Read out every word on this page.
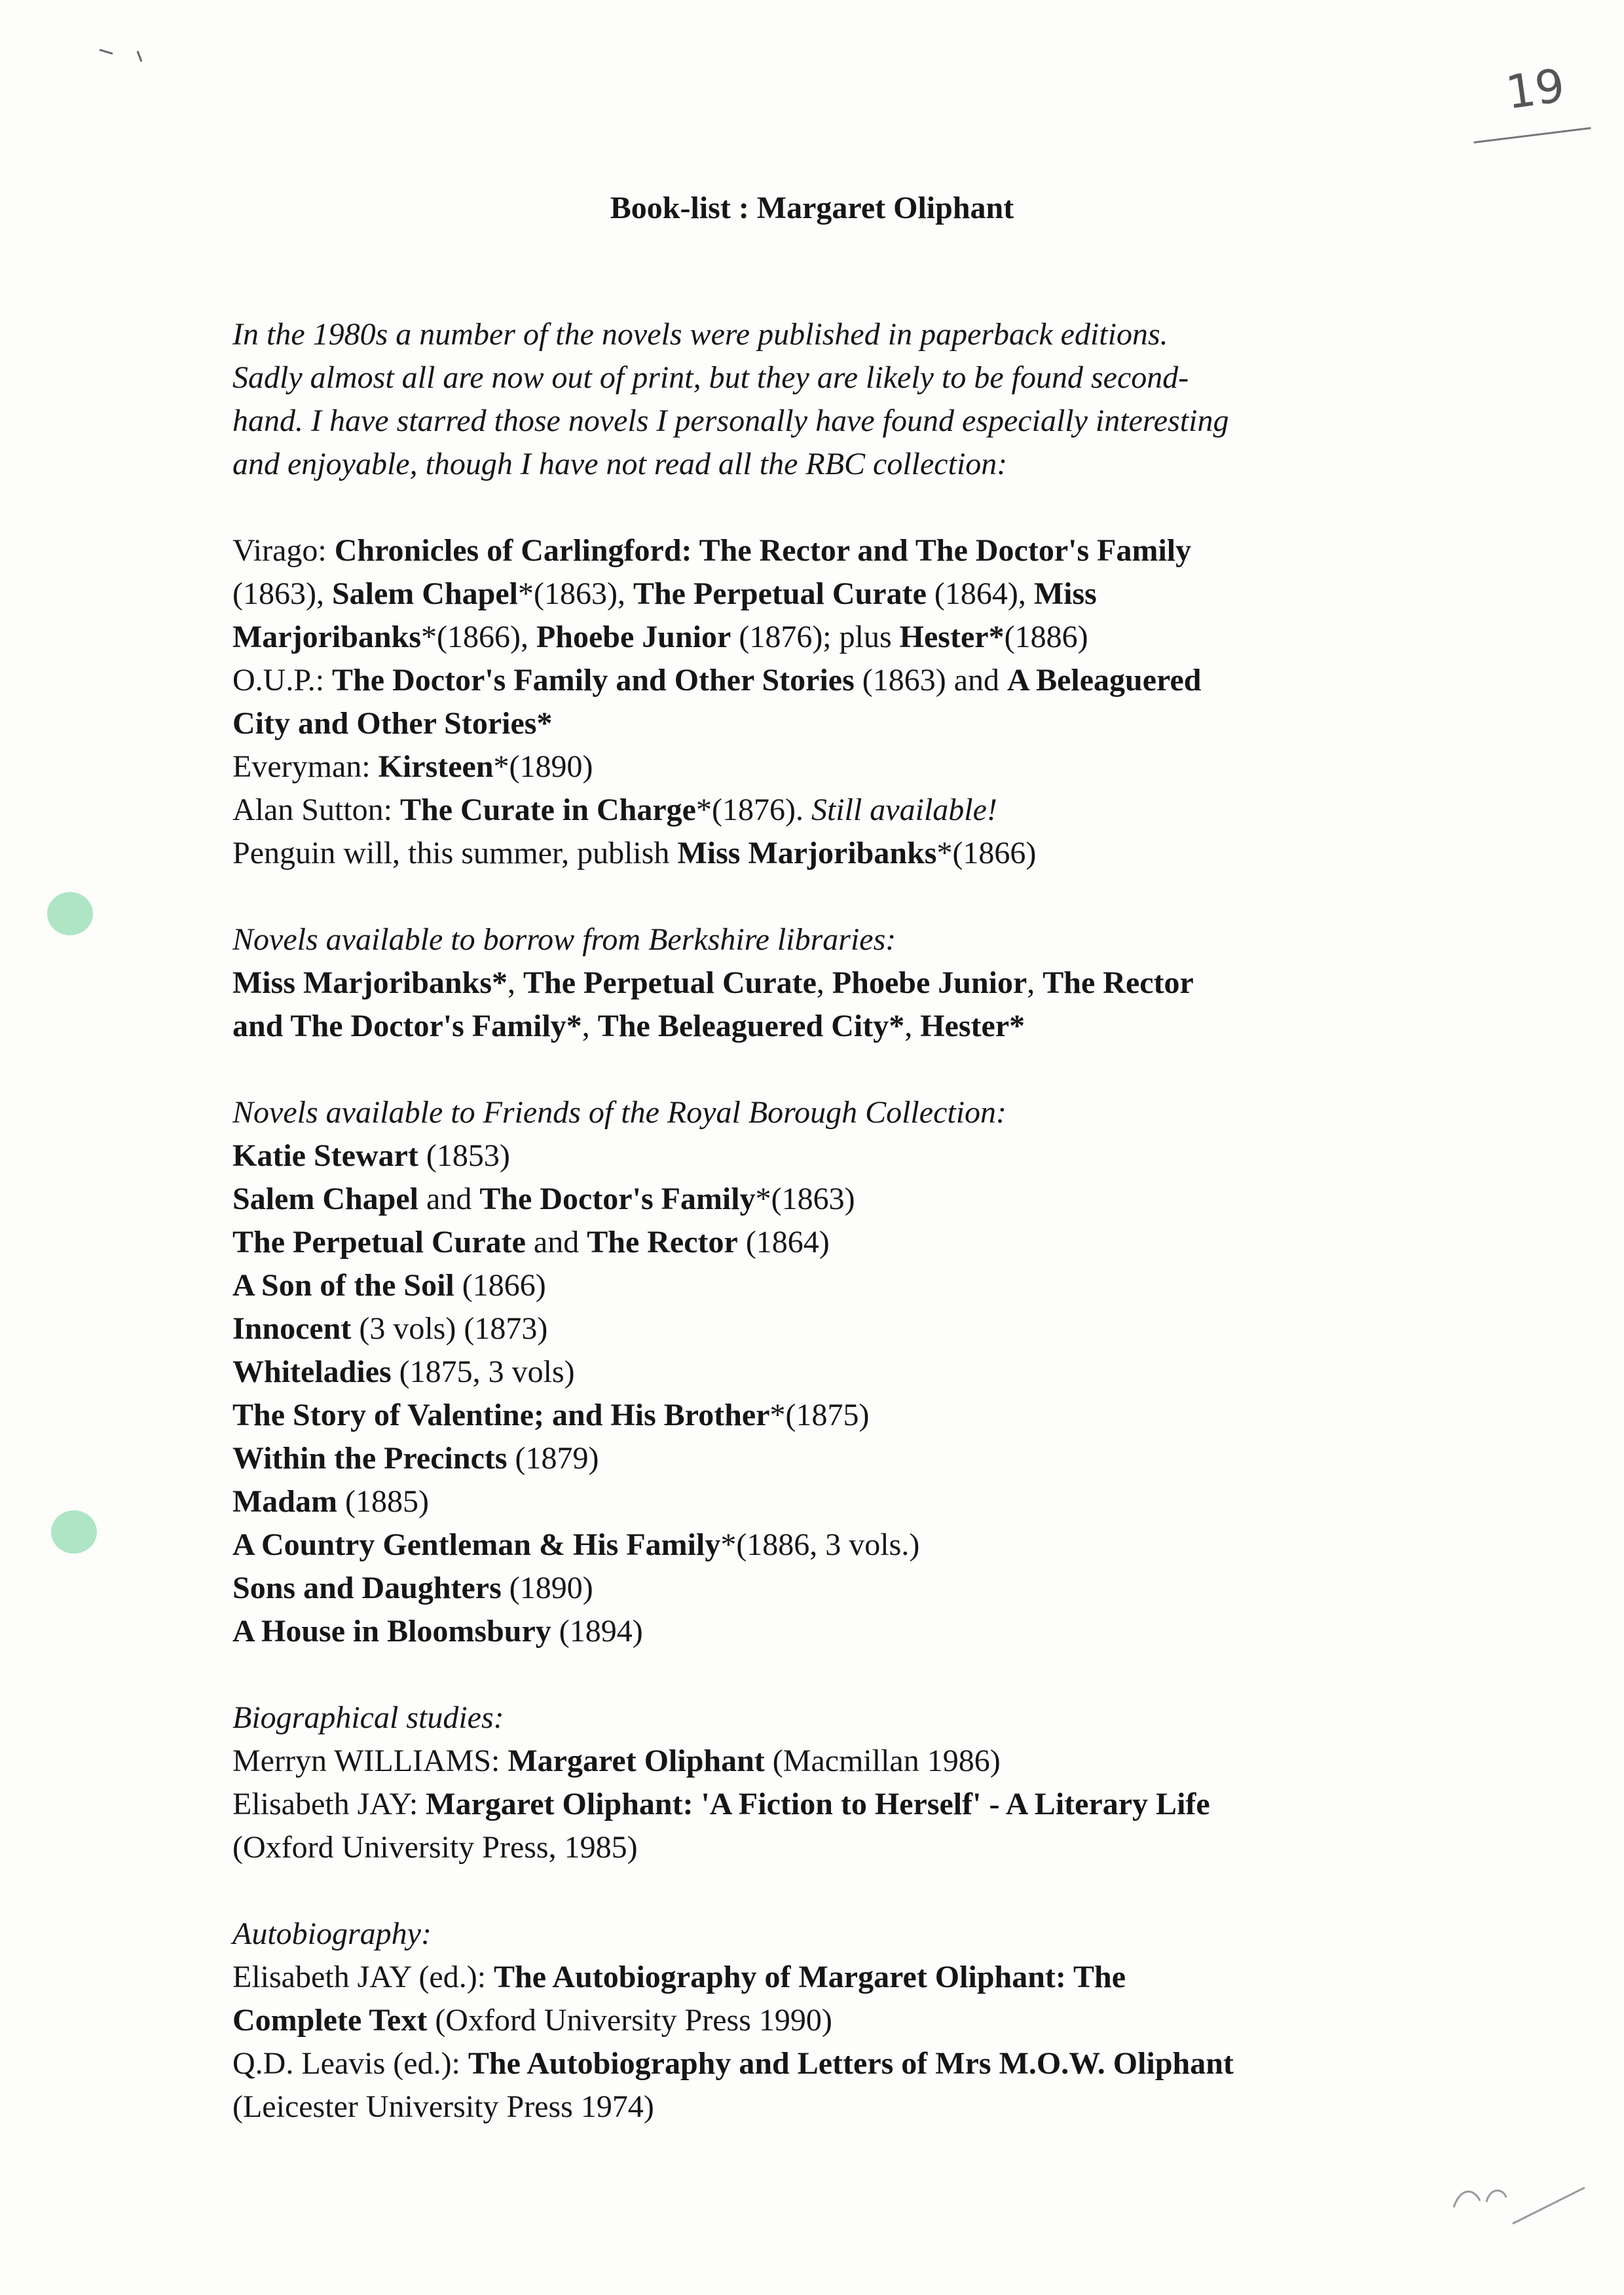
19
Book-list : Margaret Oliphant
In the 1980s a number of the novels were published in paperback editions.
Sadly almost all are now out of print, but they are likely to be found second-
hand. I have starred those novels I personally have found especially interesting
and enjoyable, though I have not read all the RBC collection:
Virago: Chronicles of Carlingford: The Rector and The Doctor's Family
(1863), Salem Chapel*(1863), The Perpetual Curate (1864), Miss
Marjoribanks*(1866), Phoebe Junior (1876); plus Hester*(1886)
O.U.P.: The Doctor's Family and Other Stories (1863) and A Beleaguered
City and Other Stories*
Everyman: Kirsteen*(1890)
Alan Sutton: The Curate in Charge*(1876). Still available!
Penguin will, this summer, publish Miss Marjoribanks*(1866)
Novels available to borrow from Berkshire libraries:
Miss Marjoribanks*, The Perpetual Curate, Phoebe Junior, The Rector
and The Doctor's Family*, The Beleaguered City*, Hester*
Novels available to Friends of the Royal Borough Collection:
Katie Stewart (1853)
Salem Chapel and The Doctor's Family*(1863)
The Perpetual Curate and The Rector (1864)
A Son of the Soil (1866)
Innocent (3 vols) (1873)
Whiteladies (1875, 3 vols)
The Story of Valentine; and His Brother*(1875)
Within the Precincts (1879)
Madam (1885)
A Country Gentleman & His Family*(1886, 3 vols.)
Sons and Daughters (1890)
A House in Bloomsbury (1894)
Biographical studies:
Merryn WILLIAMS: Margaret Oliphant (Macmillan 1986)
Elisabeth JAY: Margaret Oliphant: 'A Fiction to Herself' - A Literary Life
(Oxford University Press, 1985)
Autobiography:
Elisabeth JAY (ed.): The Autobiography of Margaret Oliphant: The
Complete Text (Oxford University Press 1990)
Q.D. Leavis (ed.): The Autobiography and Letters of Mrs M.O.W. Oliphant
(Leicester University Press 1974)
